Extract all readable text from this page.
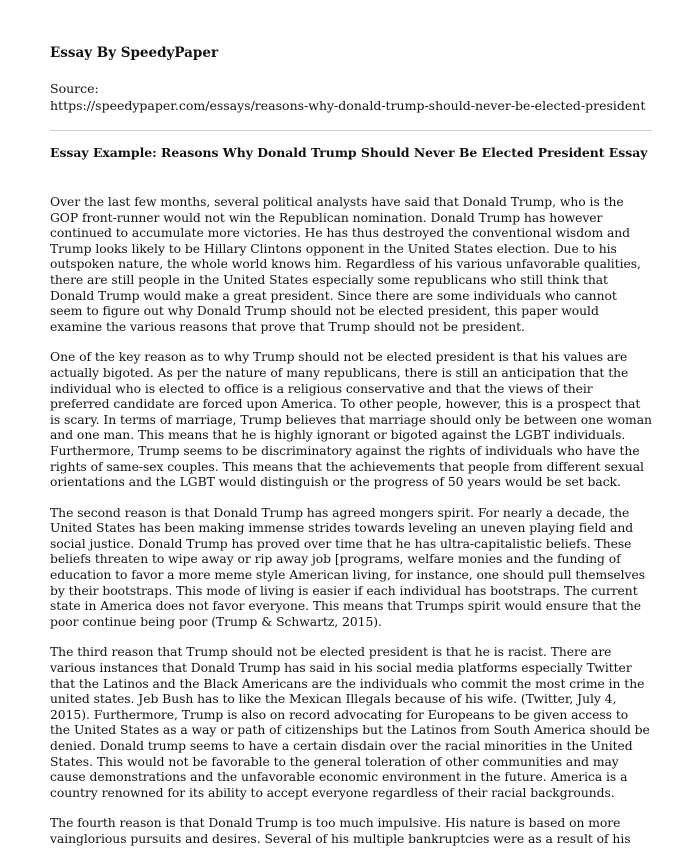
Essay By SpeedyPaper
Source:
https://speedypaper.com/essays/reasons-why-donald-trump-should-never-be-elected-president
Essay Example: Reasons Why Donald Trump Should Never Be Elected President Essay

Over the last few months, several political analysts have said that Donald Trump, who is the GOP front-runner would not win the Republican nomination. Donald Trump has however continued to accumulate more victories. He has thus destroyed the conventional wisdom and Trump looks likely to be Hillary Clintons opponent in the United States election. Due to his outspoken nature, the whole world knows him. Regardless of his various unfavorable qualities, there are still people in the United States especially some republicans who still think that Donald Trump would make a great president. Since there are some individuals who cannot seem to figure out why Donald Trump should not be elected president, this paper would examine the various reasons that prove that Trump should not be president.

One of the key reason as to why Trump should not be elected president is that his values are actually bigoted. As per the nature of many republicans, there is still an anticipation that the individual who is elected to office is a religious conservative and that the views of their preferred candidate are forced upon America. To other people, however, this is a prospect that is scary. In terms of marriage, Trump believes that marriage should only be between one woman and one man. This means that he is highly ignorant or bigoted against the LGBT individuals. Furthermore, Trump seems to be discriminatory against the rights of individuals who have the rights of same-sex couples. This means that the achievements that people from different sexual orientations and the LGBT would distinguish or the progress of 50 years would be set back.

The second reason is that Donald Trump has agreed mongers spirit. For nearly a decade, the United States has been making immense strides towards leveling an uneven playing field and social justice. Donald Trump has proved over time that he has ultra-capitalistic beliefs. These beliefs threaten to wipe away or rip away job [programs, welfare monies and the funding of education to favor a more meme style American living, for instance, one should pull themselves by their bootstraps. This mode of living is easier if each individual has bootstraps. The current state in America does not favor everyone. This means that Trumps spirit would ensure that the poor continue being poor (Trump & Schwartz, 2015).

The third reason that Trump should not be elected president is that he is racist. There are various instances that Donald Trump has said in his social media platforms especially Twitter that the Latinos and the Black Americans are the individuals who commit the most crime in the united states. Jeb Bush has to like the Mexican Illegals because of his wife. (Twitter, July 4, 2015). Furthermore, Trump is also on record advocating for Europeans to be given access to the United States as a way or path of citizenships but the Latinos from South America should be denied. Donald trump seems to have a certain disdain over the racial minorities in the United States. This would not be favorable to the general toleration of other communities and may cause demonstrations and the unfavorable economic environment in the future. America is a country renowned for its ability to accept everyone regardless of their racial backgrounds.

The fourth reason is that Donald Trump is too much impulsive. His nature is based on more vainglorious pursuits and desires. Several of his multiple bankruptcies were as a result of his
